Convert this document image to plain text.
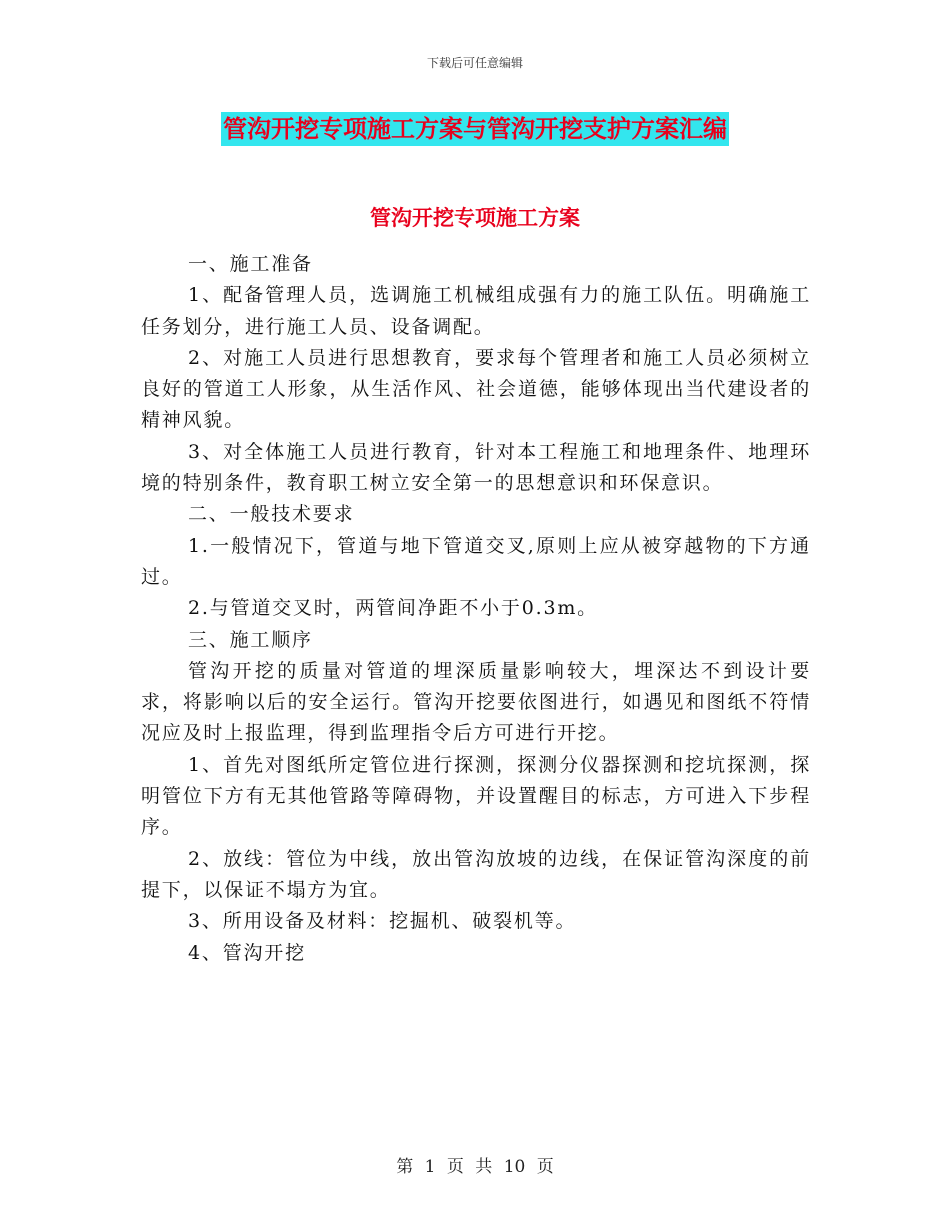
下载后可任意编辑
管沟开挖专项施工方案与管沟开挖支护方案汇编
管沟开挖专项施工方案

一、施工准备

1、配备管理人员，选调施工机械组成强有力的施工队伍。明确施工任务划分，进行施工人员、设备调配。

2、对施工人员进行思想教育，要求每个管理者和施工人员必须树立良好的管道工人形象，从生活作风、社会道德，能够体现出当代建设者的精神风貌。

3、对全体施工人员进行教育，针对本工程施工和地理条件、地理环境的特别条件，教育职工树立安全第一的思想意识和环保意识。

二、一般技术要求

1.一般情况下，管道与地下管道交叉,原则上应从被穿越物的下方通过。

2.与管道交叉时，两管间净距不小于0.3m。

三、施工顺序

管沟开挖的质量对管道的埋深质量影响较大，埋深达不到设计要求，将影响以后的安全运行。管沟开挖要依图进行，如遇见和图纸不符情况应及时上报监理，得到监理指令后方可进行开挖。

1、首先对图纸所定管位进行探测，探测分仪器探测和挖坑探测，探明管位下方有无其他管路等障碍物，并设置醒目的标志，方可进入下步程序。

2、放线：管位为中线，放出管沟放坡的边线，在保证管沟深度的前提下，以保证不塌方为宜。

3、所用设备及材料：挖掘机、破裂机等。

4、管沟开挖

第 1 页 共 10 页
